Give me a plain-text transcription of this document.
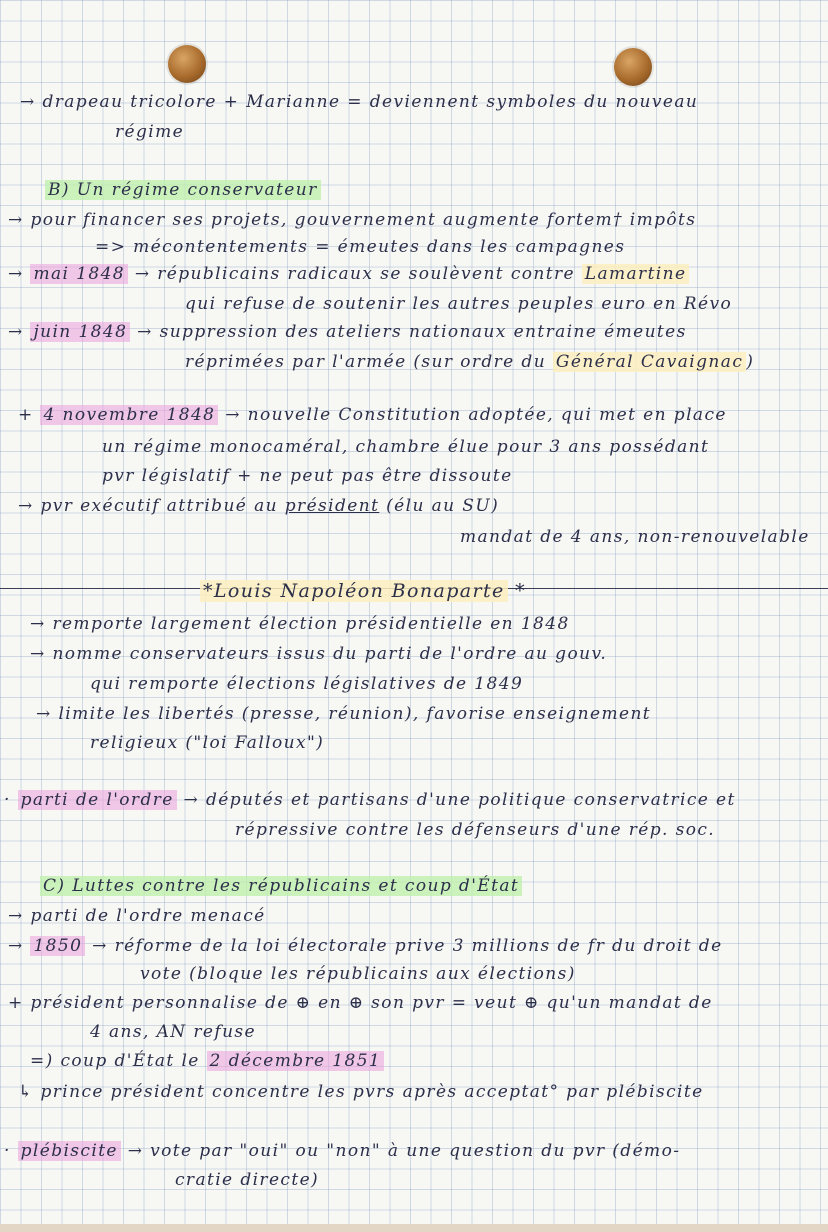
→ drapeau tricolore + Marianne = deviennent symboles du nouveau
régime
B) Un régime conservateur
→ pour financer ses projets, gouvernement augmente fortem† impôts
=> mécontentements = émeutes dans les campagnes
→ mai 1848 → républicains radicaux se soulèvent contre Lamartine
qui refuse de soutenir les autres peuples euro en Révo
→ juin 1848 → suppression des ateliers nationaux entraine émeutes
réprimées par l'armée (sur ordre du Général Cavaignac )
+ 4 novembre 1848 → nouvelle Constitution adoptée, qui met en place
un régime monocaméral, chambre élue pour 3 ans possédant
pvr législatif + ne peut pas être dissoute
→ pvr exécutif attribué au président (élu au SU)
mandat de 4 ans, non-renouvelable
*Louis Napoléon Bonaparte *
→ remporte largement élection présidentielle en 1848
→ nomme conservateurs issus du parti de l'ordre au gouv.
qui remporte élections législatives de 1849
→ limite les libertés (presse, réunion), favorise enseignement
religieux ("loi Falloux")
· parti de l'ordre → députés et partisans d'une politique conservatrice et
répressive contre les défenseurs d'une rép. soc.
C) Luttes contre les républicains et coup d'État
→ parti de l'ordre menacé
→ 1850 → réforme de la loi électorale prive 3 millions de fr du droit de
vote (bloque les républicains aux élections)
+ président personnalise de ⊕ en ⊕ son pvr = veut ⊕ qu'un mandat de
4 ans, AN refuse
=) coup d'État le 2 décembre 1851
↳ prince président concentre les pvrs après acceptat° par plébiscite
· plébiscite → vote par "oui" ou "non" à une question du pvr (démo-
cratie directe)
